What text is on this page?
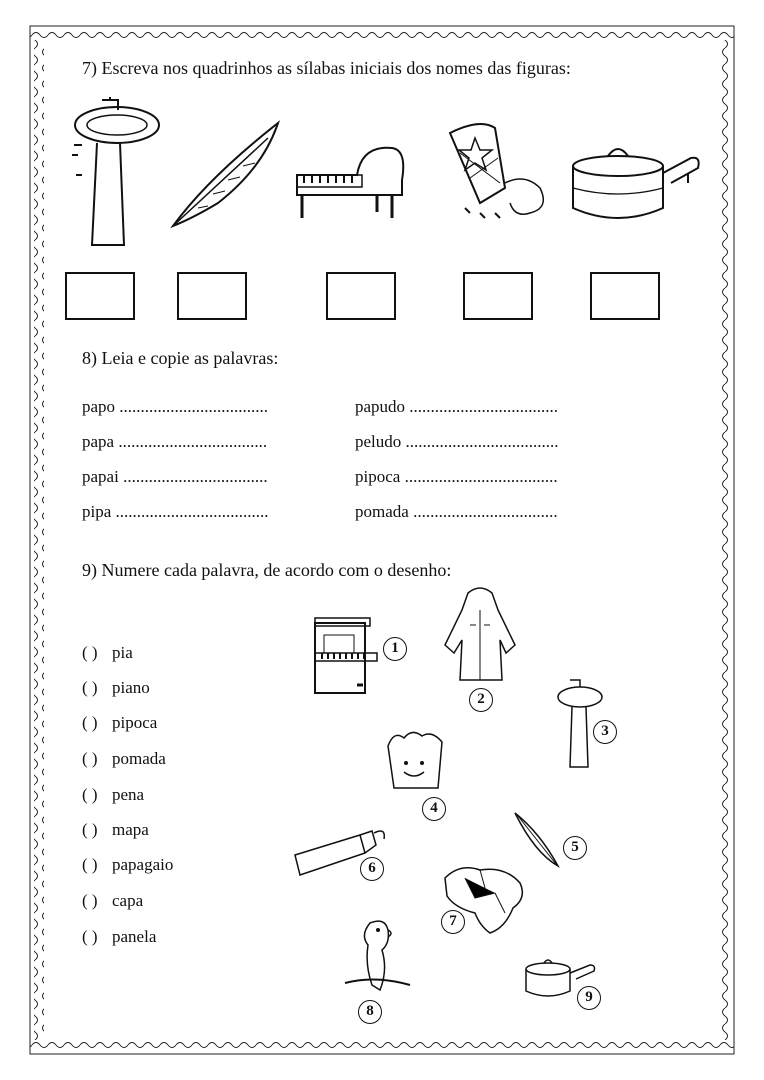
7) Escreva nos quadrinhos as sílabas iniciais dos nomes das figuras:
8) Leia e copie as palavras:
papo ...................................
papa ...................................
papai ..................................
pipa ....................................
papudo ...................................
peludo ....................................
pipoca ....................................
pomada ..................................
9) Numere cada palavra, de acordo com o desenho:
( ) pia
( ) piano
( ) pipoca
( ) pomada
( ) pena
( ) mapa
( ) papagaio
( ) capa
( ) panela
1
2
3
4
5
6
7
8
9
